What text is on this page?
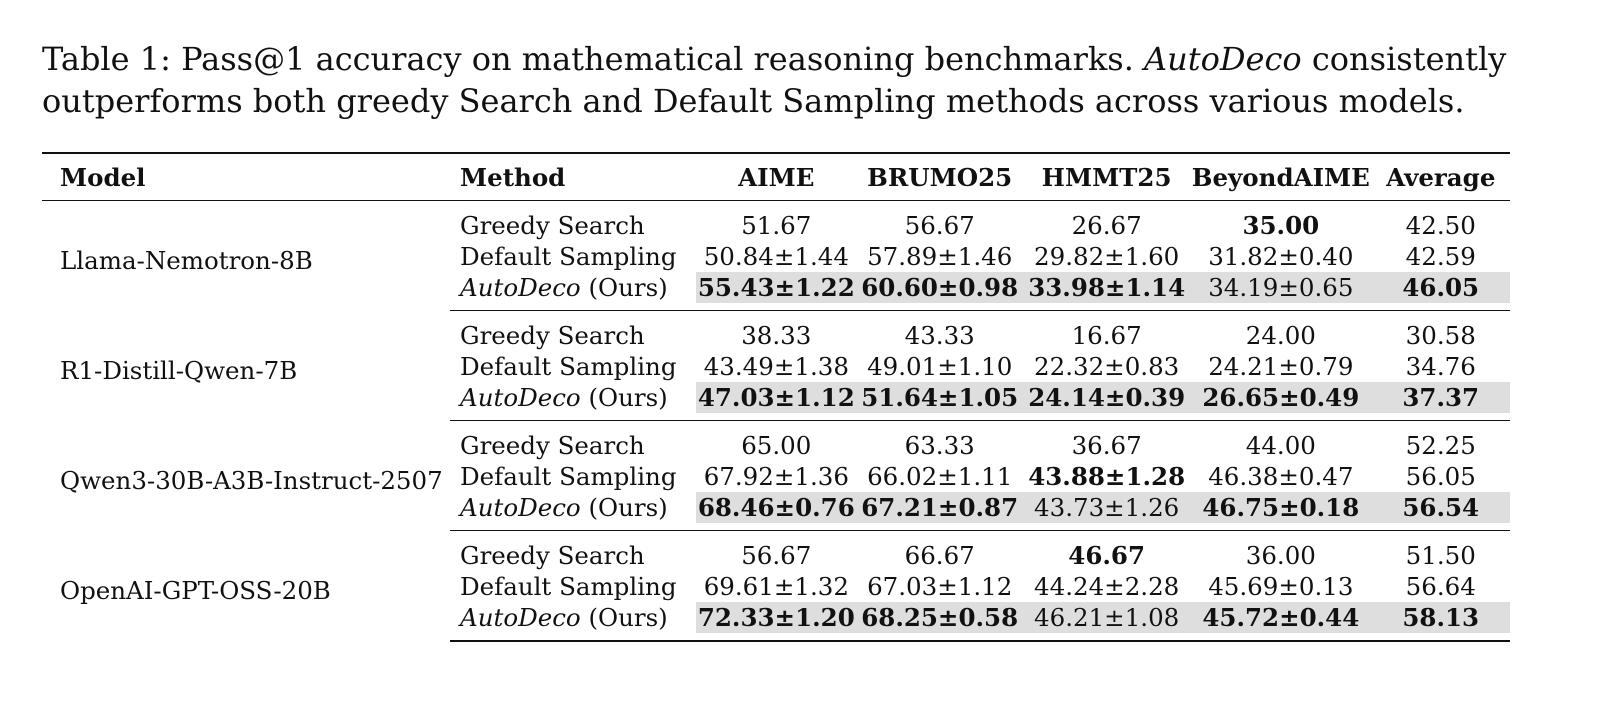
Table 1: Pass@1 accuracy on mathematical reasoning benchmarks. AutoDeco consistently outperforms both greedy Search and Default Sampling methods across various models.
Model	Method	AIME	BRUMO25	HMMT25	BeyondAIME	Average
Llama-Nemotron-8B	Greedy Search	51.67	56.67	26.67	35.00	42.50
	Default Sampling	50.84±1.44	57.89±1.46	29.82±1.60	31.82±0.40	42.59
	AutoDeco (Ours)	55.43±1.22	60.60±0.98	33.98±1.14	34.19±0.65	46.05

R1-Distill-Qwen-7B	Greedy Search	38.33	43.33	16.67	24.00	30.58
	Default Sampling	43.49±1.38	49.01±1.10	22.32±0.83	24.21±0.79	34.76
	AutoDeco (Ours)	47.03±1.12	51.64±1.05	24.14±0.39	26.65±0.49	37.37

Qwen3-30B-A3B-Instruct-2507	Greedy Search	65.00	63.33	36.67	44.00	52.25
	Default Sampling	67.92±1.36	66.02±1.11	43.88±1.28	46.38±0.47	56.05
	AutoDeco (Ours)	68.46±0.76	67.21±0.87	43.73±1.26	46.75±0.18	56.54

OpenAI-GPT-OSS-20B	Greedy Search	56.67	66.67	46.67	36.00	51.50
	Default Sampling	69.61±1.32	67.03±1.12	44.24±2.28	45.69±0.13	56.64
	AutoDeco (Ours)	72.33±1.20	68.25±0.58	46.21±1.08	45.72±0.44	58.13
